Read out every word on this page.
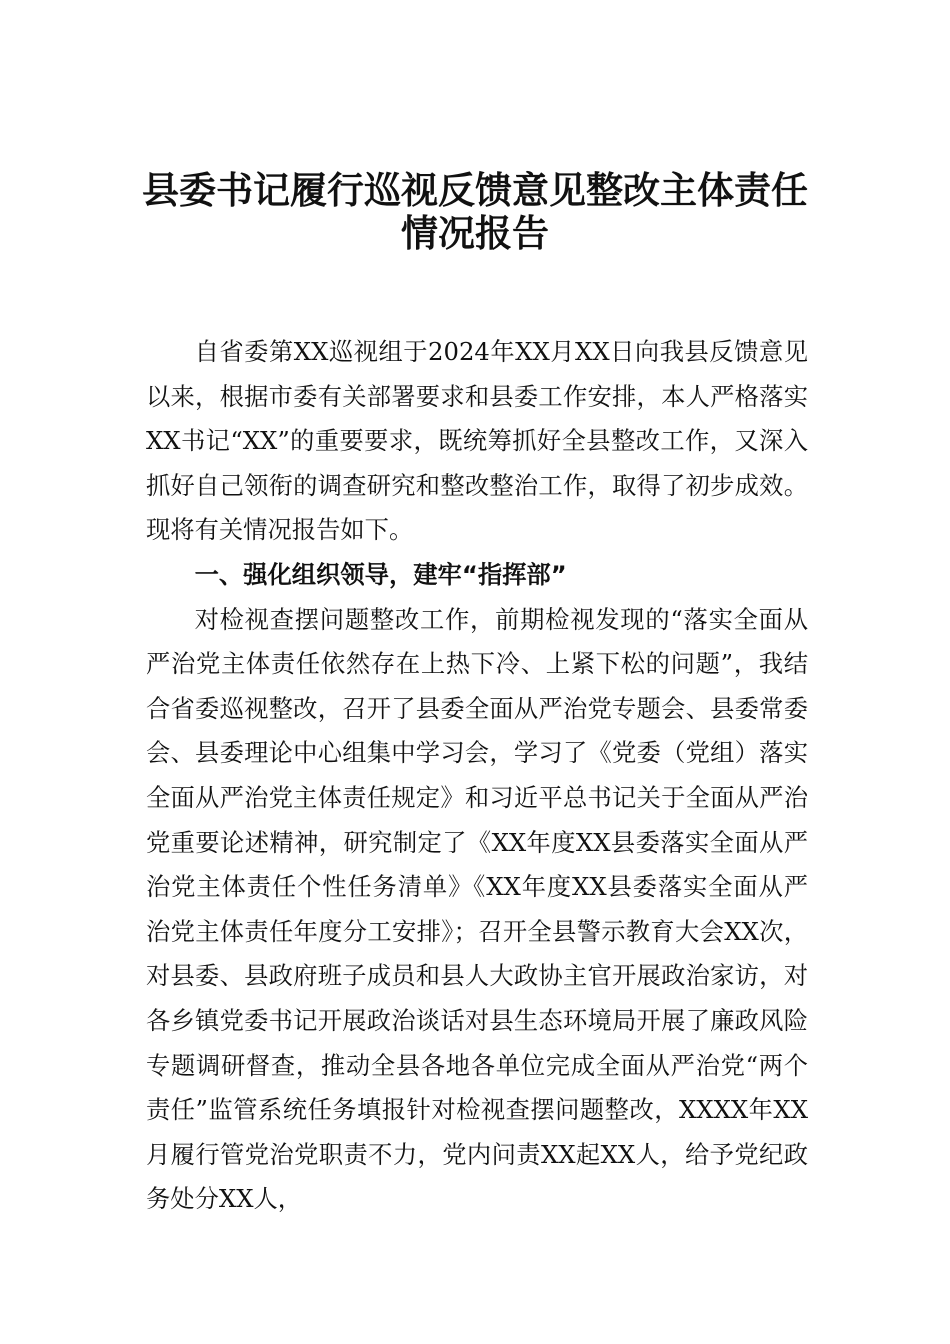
县委书记履行巡视反馈意见整改主体责任
情况报告

自省委第XX巡视组于2024年XX月XX日向我县反馈意见以来，根据市委有关部署要求和县委工作安排，本人严格落实XX书记“XX”的重要要求，既统筹抓好全县整改工作，又深入抓好自己领衔的调查研究和整改整治工作，取得了初步成效。现将有关情况报告如下。

一、强化组织领导，建牢“指挥部”

对检视查摆问题整改工作，前期检视发现的“落实全面从严治党主体责任依然存在上热下冷、上紧下松的问题”，我结合省委巡视整改，召开了县委全面从严治党专题会、县委常委会、县委理论中心组集中学习会，学习了《党委（党组）落实全面从严治党主体责任规定》和习近平总书记关于全面从严治党重要论述精神，研究制定了《XX年度XX县委落实全面从严治党主体责任个性任务清单》《XX年度XX县委落实全面从严治党主体责任年度分工安排》；召开全县警示教育大会XX次，对县委、县政府班子成员和县人大政协主官开展政治家访，对各乡镇党委书记开展政治谈话对县生态环境局开展了廉政风险专题调研督查，推动全县各地各单位完成全面从严治党“两个责任”监管系统任务填报针对检视查摆问题整改，XXXX年XX月履行管党治党职责不力，党内问责XX起XX人，给予党纪政务处分XX人，
